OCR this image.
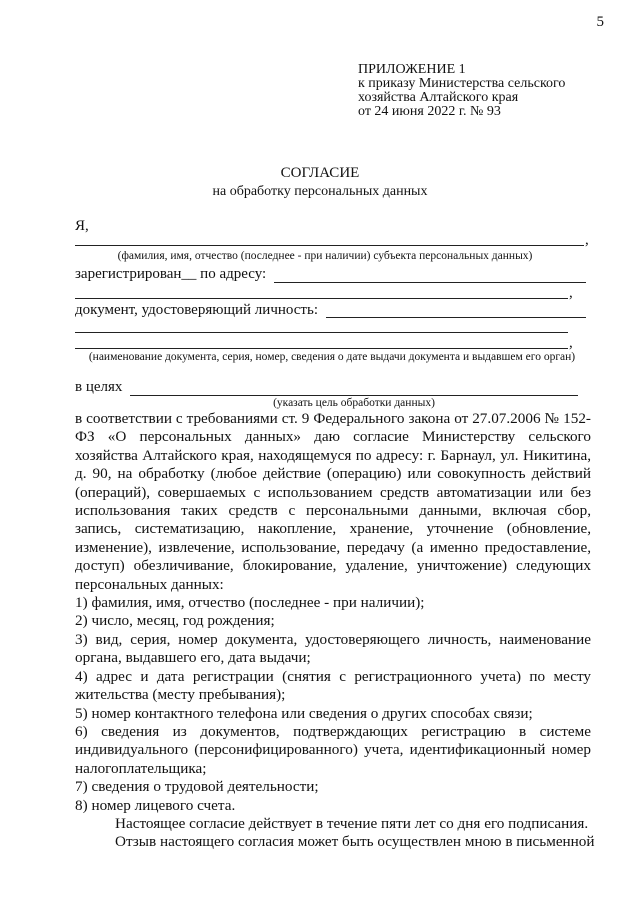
5
ПРИЛОЖЕНИЕ 1
к приказу Министерства сельского
хозяйства Алтайского края
от 24 июня 2022 г. № 93
СОГЛАСИЕ
на обработку персональных данных
Я,
,
(фамилия, имя, отчество (последнее - при наличии) субъекта персональных данных)
зарегистрирован__ по адресу:
,
документ, удостоверяющий личность:
,
(наименование документа, серия, номер, сведения о дате выдачи документа и выдавшем его орган)
в целях
(указать цель обработки данных)

в соответствии с требованиями ст. 9 Федерального закона от 27.07.2006 № 152-ФЗ «О персональных данных» даю согласие Министерству сельского хозяйства Алтайского края, находящемуся по адресу: г. Барнаул, ул. Никитина, д. 90, на обработку (любое действие (операцию) или совокупность действий (операций), совершаемых с использованием средств автоматизации или без использования таких средств с персональными данными, включая сбор, запись, систематизацию, накопление, хранение, уточнение (обновление, изменение), извлечение, использование, передачу (а именно предоставление, доступ) обезличивание, блокирование, удаление, уничтожение) следующих персональных данных:

1) фамилия, имя, отчество (последнее - при наличии);

2) число, месяц, год рождения;

3) вид, серия, номер документа, удостоверяющего личность, наименование органа, выдавшего его, дата выдачи;

4) адрес и дата регистрации (снятия с регистрационного учета) по месту жительства (месту пребывания);

5) номер контактного телефона или сведения о других способах связи;

6) сведения из документов, подтверждающих регистрацию в системе индивидуального (персонифицированного) учета, идентификационный номер налогоплательщика;

7) сведения о трудовой деятельности;

8) номер лицевого счета.

Настоящее согласие действует в течение пяти лет со дня его подписания.

Отзыв настоящего согласия может быть осуществлен мною в письменной
